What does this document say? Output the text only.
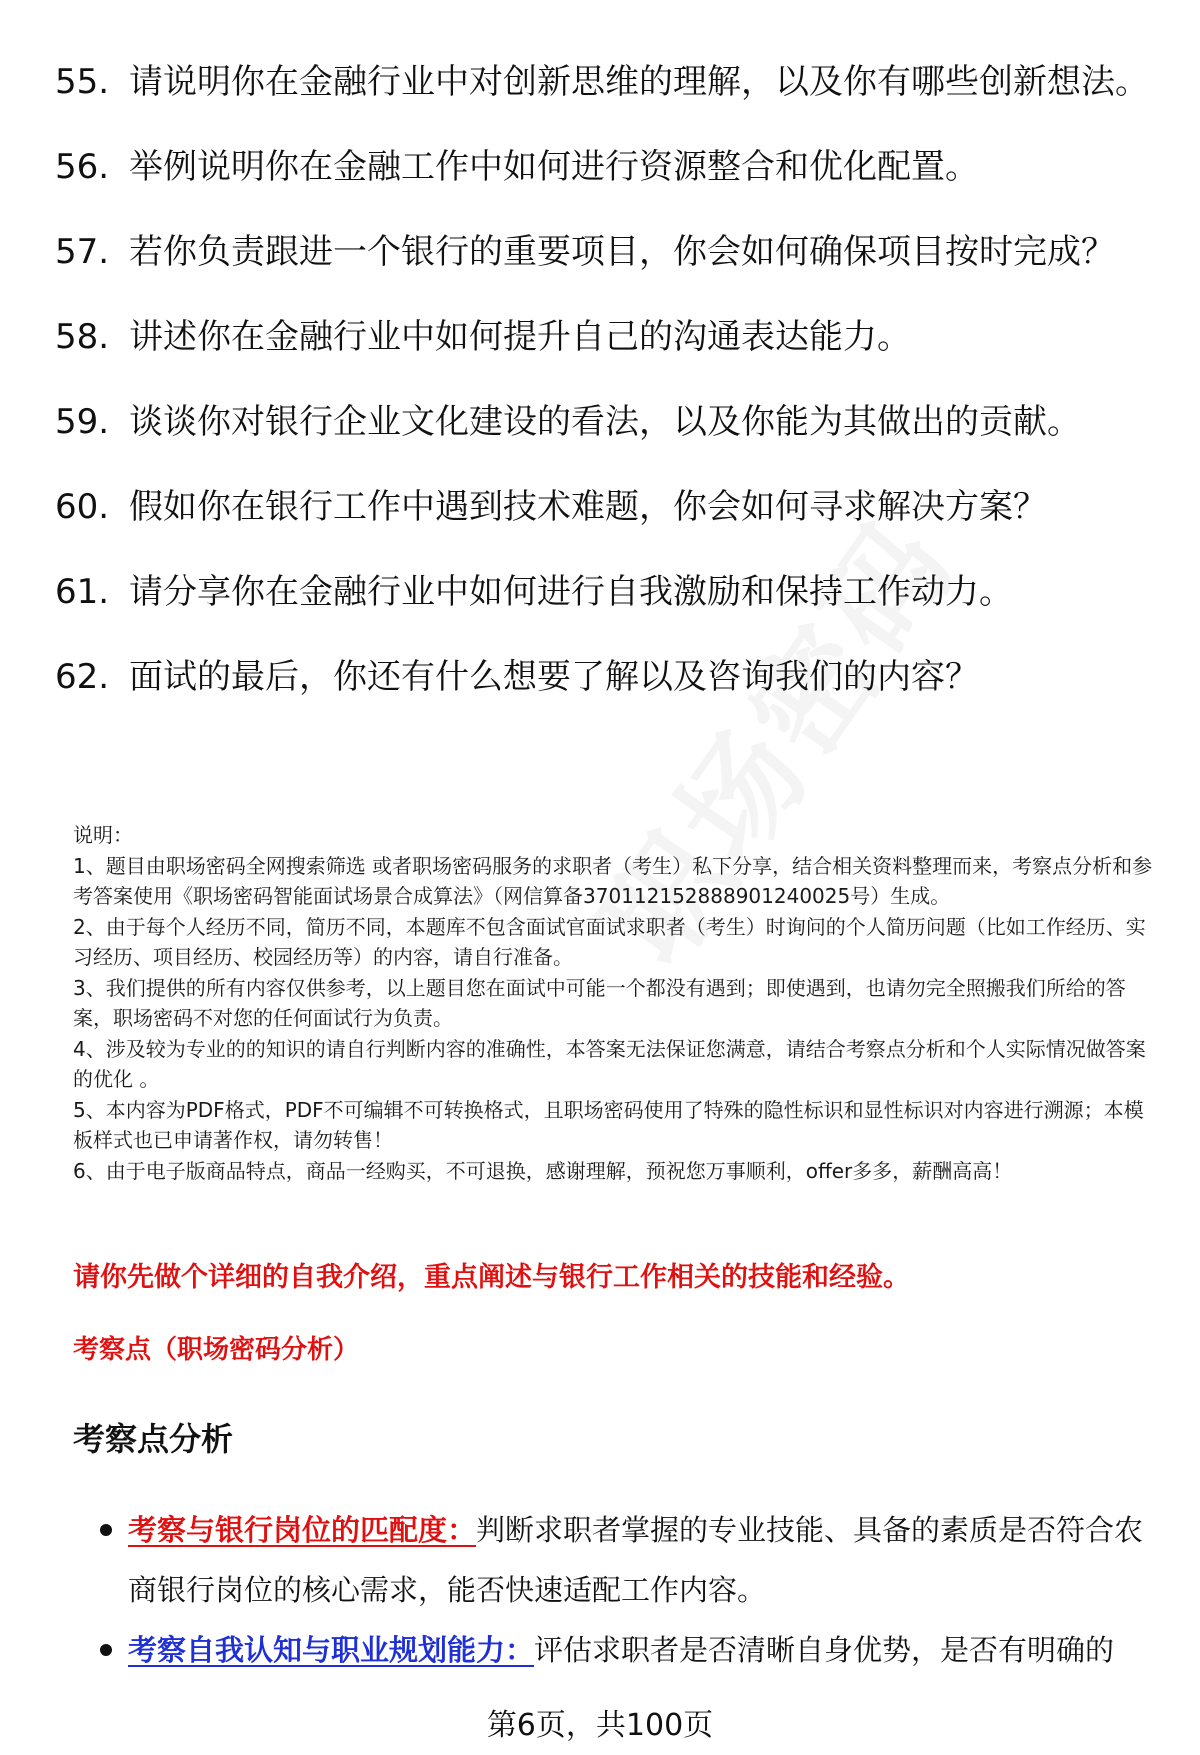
55. 请说明你在金融行业中对创新思维的理解，以及你有哪些创新想法。
56. 举例说明你在金融工作中如何进行资源整合和优化配置。
57. 若你负责跟进一个银行的重要项目，你会如何确保项目按时完成？
58. 讲述你在金融行业中如何提升自己的沟通表达能力。
59. 谈谈你对银行企业文化建设的看法，以及你能为其做出的贡献。
60. 假如你在银行工作中遇到技术难题，你会如何寻求解决方案？
61. 请分享你在金融行业中如何进行自我激励和保持工作动力。
62. 面试的最后，你还有什么想要了解以及咨询我们的内容？
说明：
1、题目由职场密码全网搜索筛选 或者职场密码服务的求职者（考生）私下分享，结合相关资料整理而来，考察点分析和参考答案使用《职场密码智能面试场景合成算法》（网信算备370112152888901240025号）生成。
2、由于每个人经历不同，简历不同，本题库不包含面试官面试求职者（考生）时询问的个人简历问题（比如工作经历、实习经历、项目经历、校园经历等）的内容，请自行准备。
3、我们提供的所有内容仅供参考，以上题目您在面试中可能一个都没有遇到；即使遇到，也请勿完全照搬我们所给的答案，职场密码不对您的任何面试行为负责。
4、涉及较为专业的的知识的请自行判断内容的准确性，本答案无法保证您满意，请结合考察点分析和个人实际情况做答案的优化 。
5、本内容为PDF格式，PDF不可编辑不可转换格式，且职场密码使用了特殊的隐性标识和显性标识对内容进行溯源；本模板样式也已申请著作权，请勿转售！
6、由于电子版商品特点，商品一经购买，不可退换，感谢理解，预祝您万事顺利，offer多多，薪酬高高！
请你先做个详细的自我介绍，重点阐述与银行工作相关的技能和经验。
考察点（职场密码分析）
考察点分析
考察与银行岗位的匹配度：判断求职者掌握的专业技能、具备的素质是否符合农商银行岗位的核心需求，能否快速适配工作内容。
考察自我认知与职业规划能力：评估求职者是否清晰自身优势，是否有明确的
第6页，共100页
